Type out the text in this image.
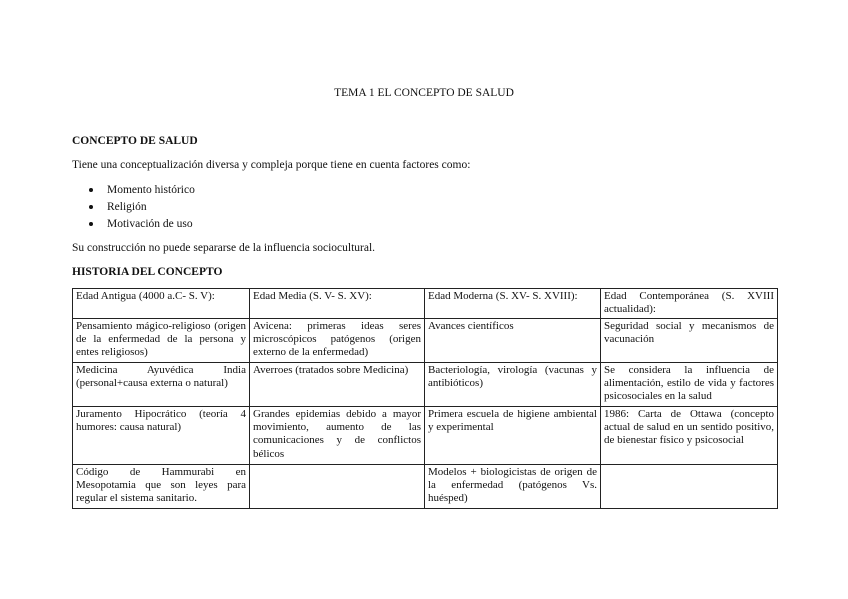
TEMA 1 EL CONCEPTO DE SALUD
CONCEPTO DE SALUD
Tiene una conceptualización diversa y compleja porque tiene en cuenta factores como:
Momento histórico
Religión
Motivación de uso
Su construcción no puede separarse de la influencia sociocultural.
HISTORIA DEL CONCEPTO
Edad Antigua (4000 a.C- S. V):	Edad Media (S. V- S. XV):	Edad Moderna (S. XV- S. XVIII):	Edad Contemporánea (S. XVIII actualidad):
Pensamiento mágico-religioso (origen de la enfermedad de la persona y entes religiosos)	Avicena: primeras ideas seres microscópicos patógenos (origen externo de la enfermedad)	Avances científicos	Seguridad social y mecanismos de vacunación
Medicina Ayuvédica India (personal+causa externa o natural)	Averroes (tratados sobre Medicina)	Bacteriología, virología (vacunas y antibióticos)	Se considera la influencia de alimentación, estilo de vida y factores psicosociales en la salud
Juramento Hipocrático (teoría 4 humores: causa natural)	Grandes epidemias debido a mayor movimiento, aumento de las comunicaciones y de conflictos bélicos	Primera escuela de higiene ambiental y experimental	1986: Carta de Ottawa (concepto actual de salud en un sentido positivo, de bienestar físico y psicosocial
Código de Hammurabi en Mesopotamia que son leyes para regular el sistema sanitario.		Modelos + biologicistas de origen de la enfermedad (patógenos Vs. huésped)	
